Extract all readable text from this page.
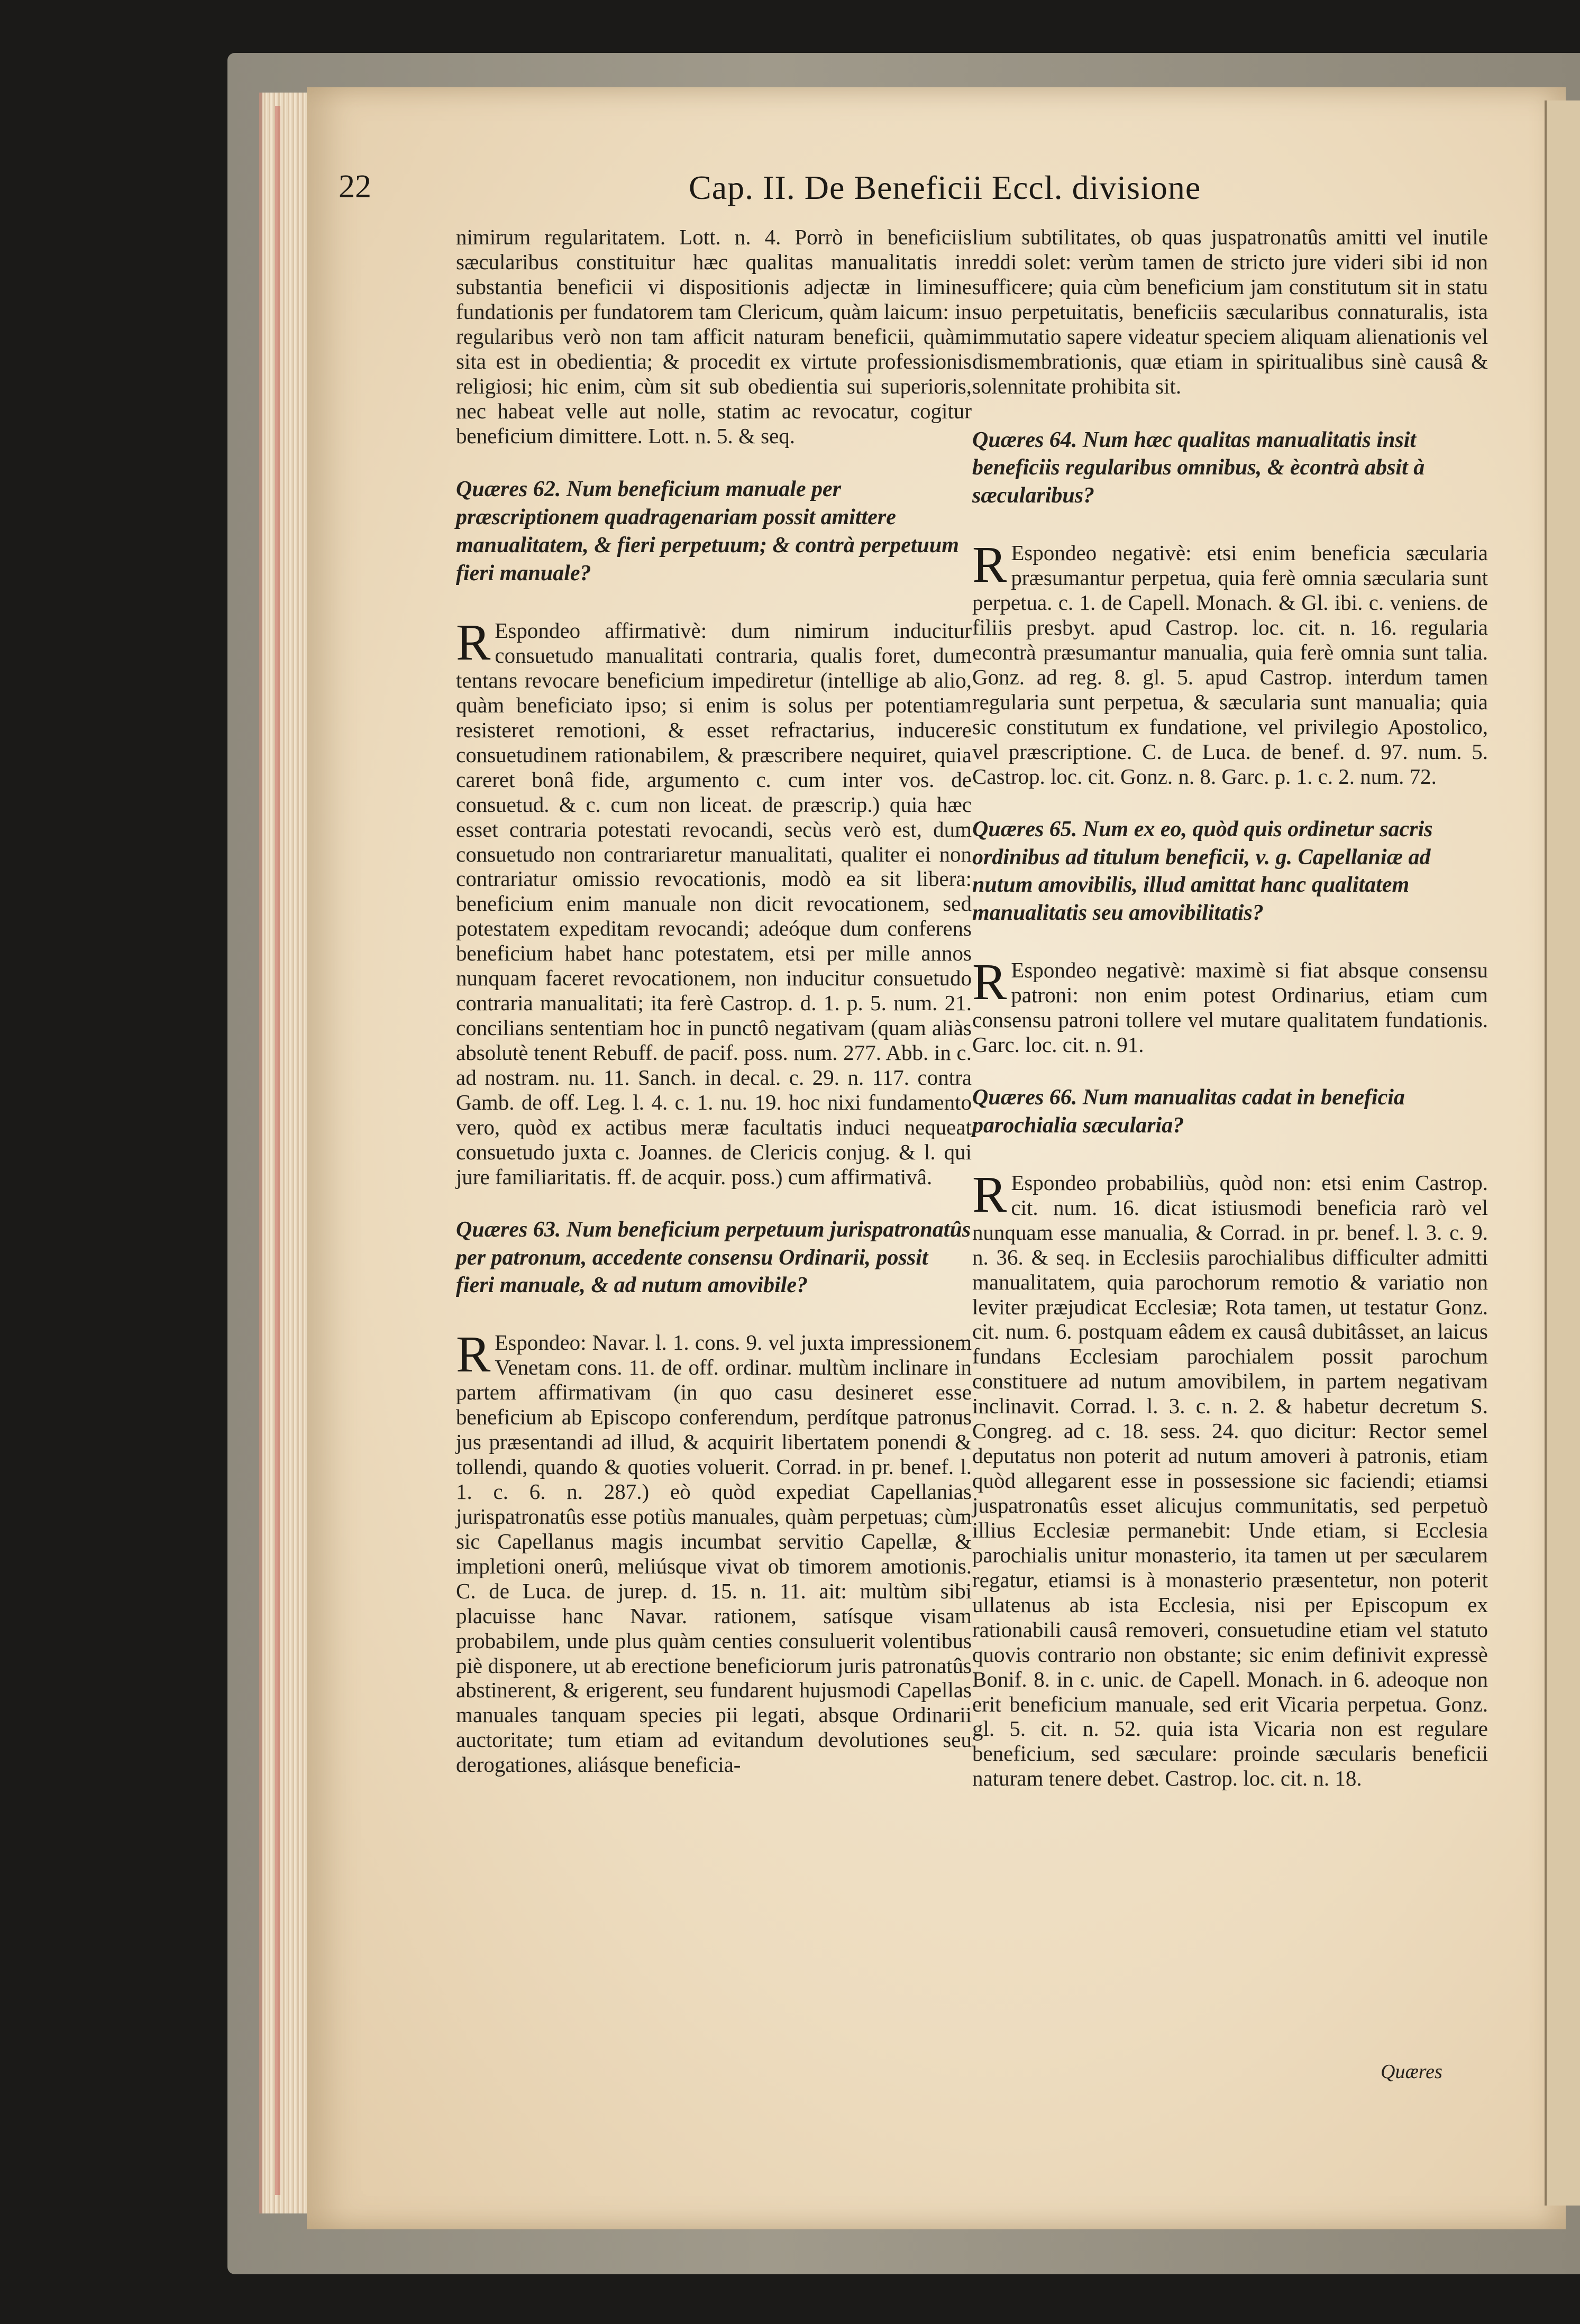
22	Cap. II. De Beneficii Eccl. divisione

nimirum regularitatem. Lott. n. 4. Porrò in beneficiis sæcularibus constituitur hæc qualitas manualitatis in substantia beneficii vi dispositionis adjectæ in limine fundationis per fundatorem tam Clericum, quàm laicum: in regularibus verò non tam afficit naturam beneficii, quàm sita est in obedientia; & procedit ex virtute professionis religiosi; hic enim, cùm sit sub obedientia sui superioris, nec habeat velle aut nolle, statim ac revocatur, cogitur beneficium dimittere. Lott. n. 5. & seq.

Quæres 62. Num beneficium manuale per præscriptionem quadragenariam possit amittere manualitatem, & fieri perpetuum; & contrà perpetuum fieri manuale?

R Espondeo affirmativè: dum nimirum inducitur consuetudo manualitati contraria, qualis foret, dum tentans revocare beneficium impediretur (intellige ab alio, quàm beneficiato ipso; si enim is solus per potentiam resisteret remotioni, & esset refractarius, inducere consuetudinem rationabilem, & præscribere nequiret, quia careret bonâ fide, argumento c. cum inter vos. de consuetud. & c. cum non liceat. de præscrip.) quia hæc esset contraria potestati revocandi, secùs verò est, dum consuetudo non contrariaretur manualitati, qualiter ei non contrariatur omissio revocationis, modò ea sit libera: beneficium enim manuale non dicit revocationem, sed potestatem expeditam revocandi; adeóque dum conferens beneficium habet hanc potestatem, etsi per mille annos nunquam faceret revocationem, non inducitur consuetudo contraria manualitati; ita ferè Castrop. d. 1. p. 5. num. 21. concilians sententiam hoc in punctô negativam (quam aliàs absolutè tenent Rebuff. de pacif. poss. num. 277. Abb. in c. ad nostram. nu. 11. Sanch. in decal. c. 29. n. 117. contra Gamb. de off. Leg. l. 4. c. 1. nu. 19. hoc nixi fundamento vero, quòd ex actibus meræ facultatis induci nequeat consuetudo juxta c. Joannes. de Clericis conjug. & l. qui jure familiaritatis. ff. de acquir. poss.) cum affirmativâ.

Quæres 63. Num beneficium perpetuum jurispatronatûs per patronum, accedente consensu Ordinarii, possit fieri manuale, & ad nutum amovibile?

R Espondeo: Navar. l. 1. cons. 9. vel juxta impressionem Venetam cons. 11. de off. ordinar. multùm inclinare in partem affirmativam (in quo casu desineret esse beneficium ab Episcopo conferendum, perdítque patronus jus præsentandi ad illud, & acquirit libertatem ponendi & tollendi, quando & quoties voluerit. Corrad. in pr. benef. l. 1. c. 6. n. 287.) eò quòd expediat Capellanias jurispatronatûs esse potiùs manuales, quàm perpetuas; cùm sic Capellanus magis incumbat servitio Capellæ, & impletioni onerû, meliúsque vivat ob timorem amotionis. C. de Luca. de jurep. d. 15. n. 11. ait: multùm sibi placuisse hanc Navar. rationem, satísque visam probabilem, unde plus quàm centies consuluerit volentibus piè disponere, ut ab erectione beneficiorum juris patronatûs abstinerent, & erigerent, seu fundarent hujusmodi Capellas manuales tanquam species pii legati, absque Ordinarii auctoritate; tum etiam ad evitandum devolutiones seu derogationes, aliásque beneficia-

lium subtilitates, ob quas juspatronatûs amitti vel inutile reddi solet: verùm tamen de stricto jure videri sibi id non sufficere; quia cùm beneficium jam constitutum sit in statu suo perpetuitatis, beneficiis sæcularibus connaturalis, ista immutatio sapere videatur speciem aliquam alienationis vel dismembrationis, quæ etiam in spiritualibus sinè causâ & solennitate prohibita sit.

Quæres 64. Num hæc qualitas manualitatis insit beneficiis regularibus omnibus, & ècontrà absit à sæcularibus?

R Espondeo negativè: etsi enim beneficia sæcularia præsumantur perpetua, quia ferè omnia sæcularia sunt perpetua. c. 1. de Capell. Monach. & Gl. ibi. c. veniens. de filiis presbyt. apud Castrop. loc. cit. n. 16. regularia econtrà præsumantur manualia, quia ferè omnia sunt talia. Gonz. ad reg. 8. gl. 5. apud Castrop. interdum tamen regularia sunt perpetua, & sæcularia sunt manualia; quia sic constitutum ex fundatione, vel privilegio Apostolico, vel præscriptione. C. de Luca. de benef. d. 97. num. 5. Castrop. loc. cit. Gonz. n. 8. Garc. p. 1. c. 2. num. 72.

Quæres 65. Num ex eo, quòd quis ordinetur sacris ordinibus ad titulum beneficii, v. g. Capellaniæ ad nutum amovibilis, illud amittat hanc qualitatem manualitatis seu amovibilitatis?

R Espondeo negativè: maximè si fiat absque consensu patroni: non enim potest Ordinarius, etiam cum consensu patroni tollere vel mutare qualitatem fundationis. Garc. loc. cit. n. 91.

Quæres 66. Num manualitas cadat in beneficia parochialia sæcularia?

R Espondeo probabiliùs, quòd non: etsi enim Castrop. cit. num. 16. dicat istiusmodi beneficia rarò vel nunquam esse manualia, & Corrad. in pr. benef. l. 3. c. 9. n. 36. & seq. in Ecclesiis parochialibus difficulter admitti manualitatem, quia parochorum remotio & variatio non leviter præjudicat Ecclesiæ; Rota tamen, ut testatur Gonz. cit. num. 6. postquam eâdem ex causâ dubitâsset, an laicus fundans Ecclesiam parochialem possit parochum constituere ad nutum amovibilem, in partem negativam inclinavit. Corrad. l. 3. c. n. 2. & habetur decretum S. Congreg. ad c. 18. sess. 24. quo dicitur: Rector semel deputatus non poterit ad nutum amoveri à patronis, etiam quòd allegarent esse in possessione sic faciendi; etiamsi juspatronatûs esset alicujus communitatis, sed perpetuò illius Ecclesiæ permanebit: Unde etiam, si Ecclesia parochialis unitur monasterio, ita tamen ut per sæcularem regatur, etiamsi is à monasterio præsentetur, non poterit ullatenus ab ista Ecclesia, nisi per Episcopum ex rationabili causâ removeri, consuetudine etiam vel statuto quovis contrario non obstante; sic enim definivit expressè Bonif. 8. in c. unic. de Capell. Monach. in 6. adeoque non erit beneficium manuale, sed erit Vicaria perpetua. Gonz. gl. 5. cit. n. 52. quia ista Vicaria non est regulare beneficium, sed sæculare: proinde sæcularis beneficii naturam tenere debet. Castrop. loc. cit. n. 18.

Quæres
